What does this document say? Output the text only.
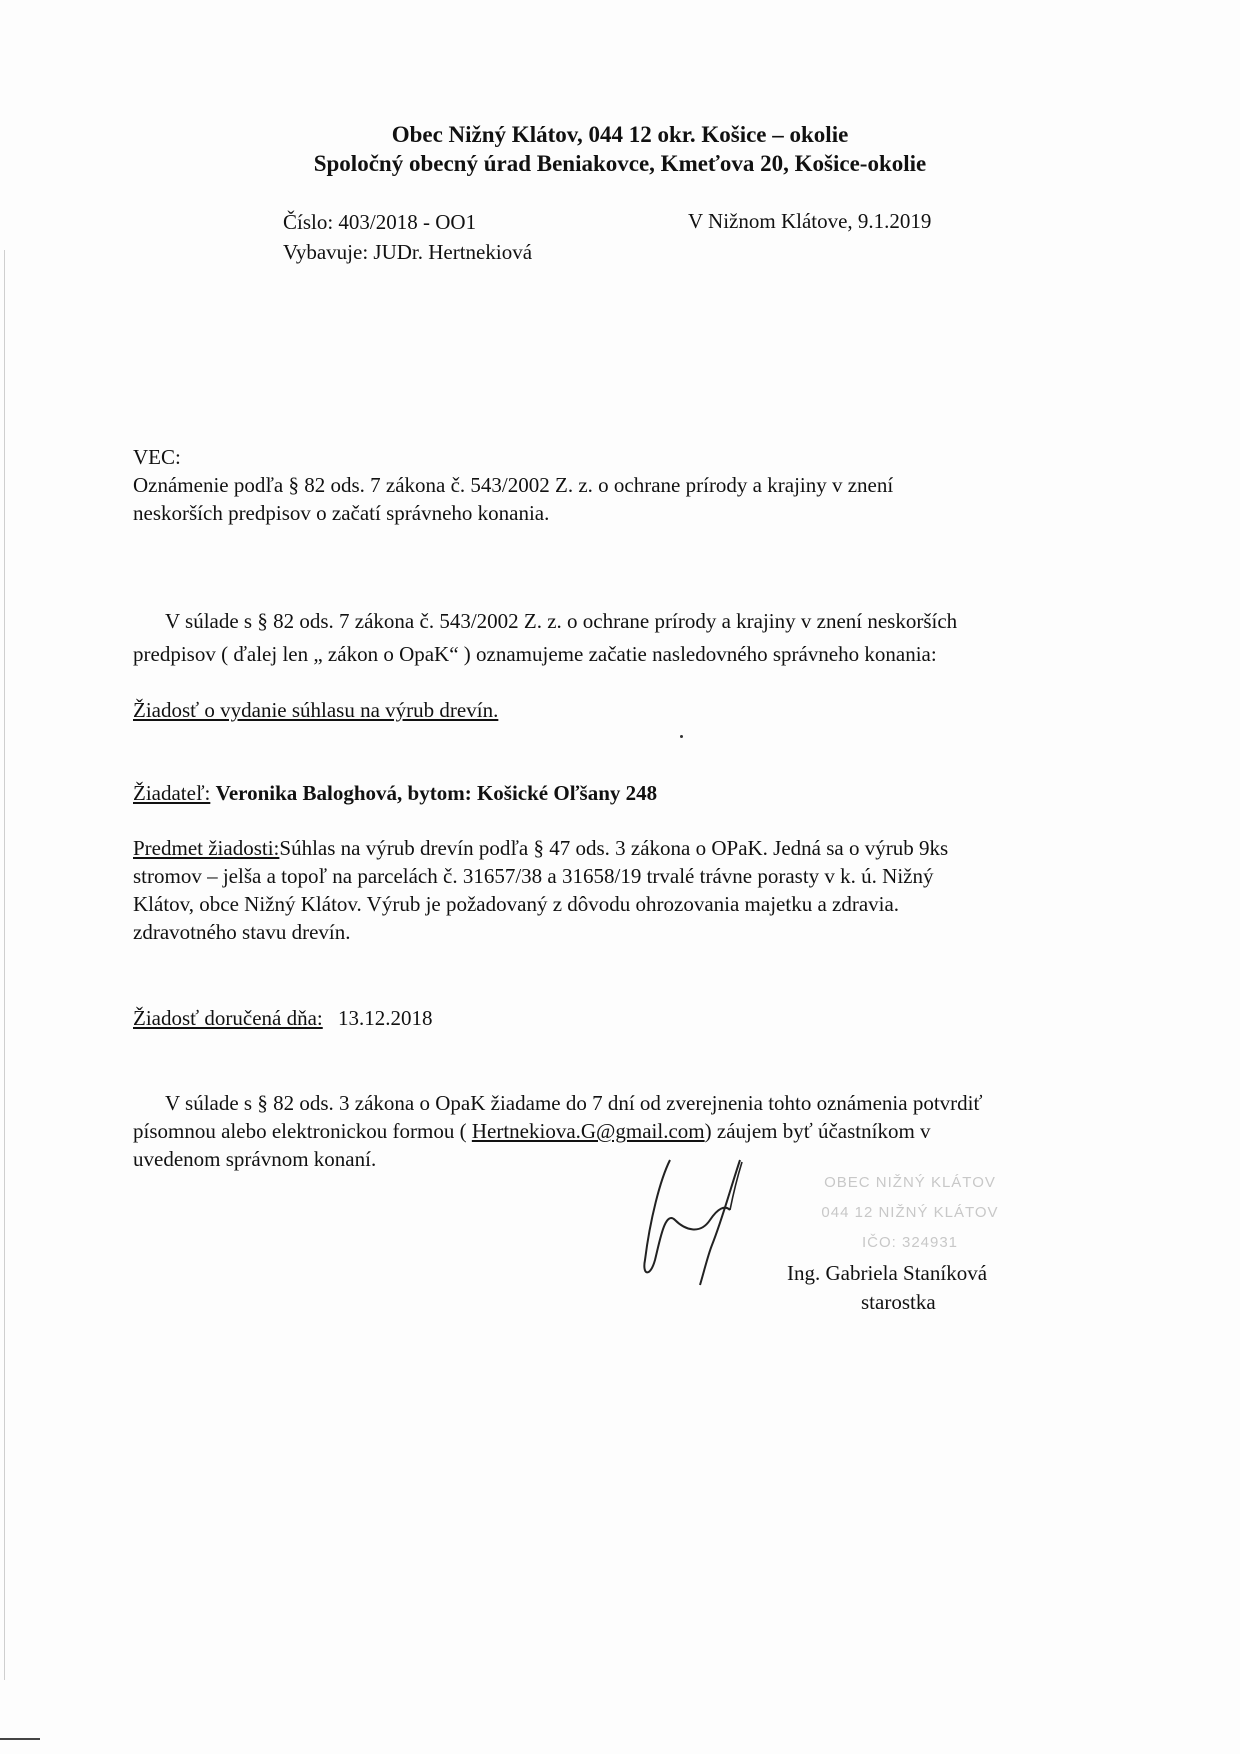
Obec Nižný Klátov, 044 12 okr. Košice – okolie
Spoločný obecný úrad Beniakovce, Kmeťova 20, Košice-okolie
Číslo: 403/2018 - OO1
Vybavuje: JUDr. Hertnekiová
V Nižnom Klátove, 9.1.2019
VEC:
Oznámenie podľa § 82 ods. 7 zákona č. 543/2002 Z. z. o ochrane prírody a krajiny v znení
neskorších predpisov o začatí správneho konania.
V súlade s § 82 ods. 7 zákona č. 543/2002 Z. z. o ochrane prírody a krajiny v znení neskorších
predpisov ( ďalej len „ zákon o OpaK“ ) oznamujeme začatie nasledovného správneho konania:
Žiadosť o vydanie súhlasu na výrub drevín.
Žiadateľ: Veronika Baloghová, bytom: Košické Oľšany 248
Predmet žiadosti:Súhlas na výrub drevín podľa § 47 ods. 3 zákona o OPaK. Jedná sa o výrub 9ks
stromov – jelša a topoľ na parcelách č. 31657/38 a 31658/19 trvalé trávne porasty v k. ú. Nižný
Klátov, obce Nižný Klátov. Výrub je požadovaný z dôvodu ohrozovania majetku a zdravia.
zdravotného stavu drevín.
Žiadosť doručená dňa: 13.12.2018
V súlade s § 82 ods. 3 zákona o OpaK žiadame do 7 dní od zverejnenia tohto oznámenia potvrdiť
písomnou alebo elektronickou formou ( Hertnekiova.G@gmail.com) záujem byť účastníkom v
uvedenom správnom konaní.
OBEC NIŽNÝ KLÁTOV
044 12 NIŽNÝ KLÁTOV
IČO: 324931
Ing. Gabriela Staníková
starostka
